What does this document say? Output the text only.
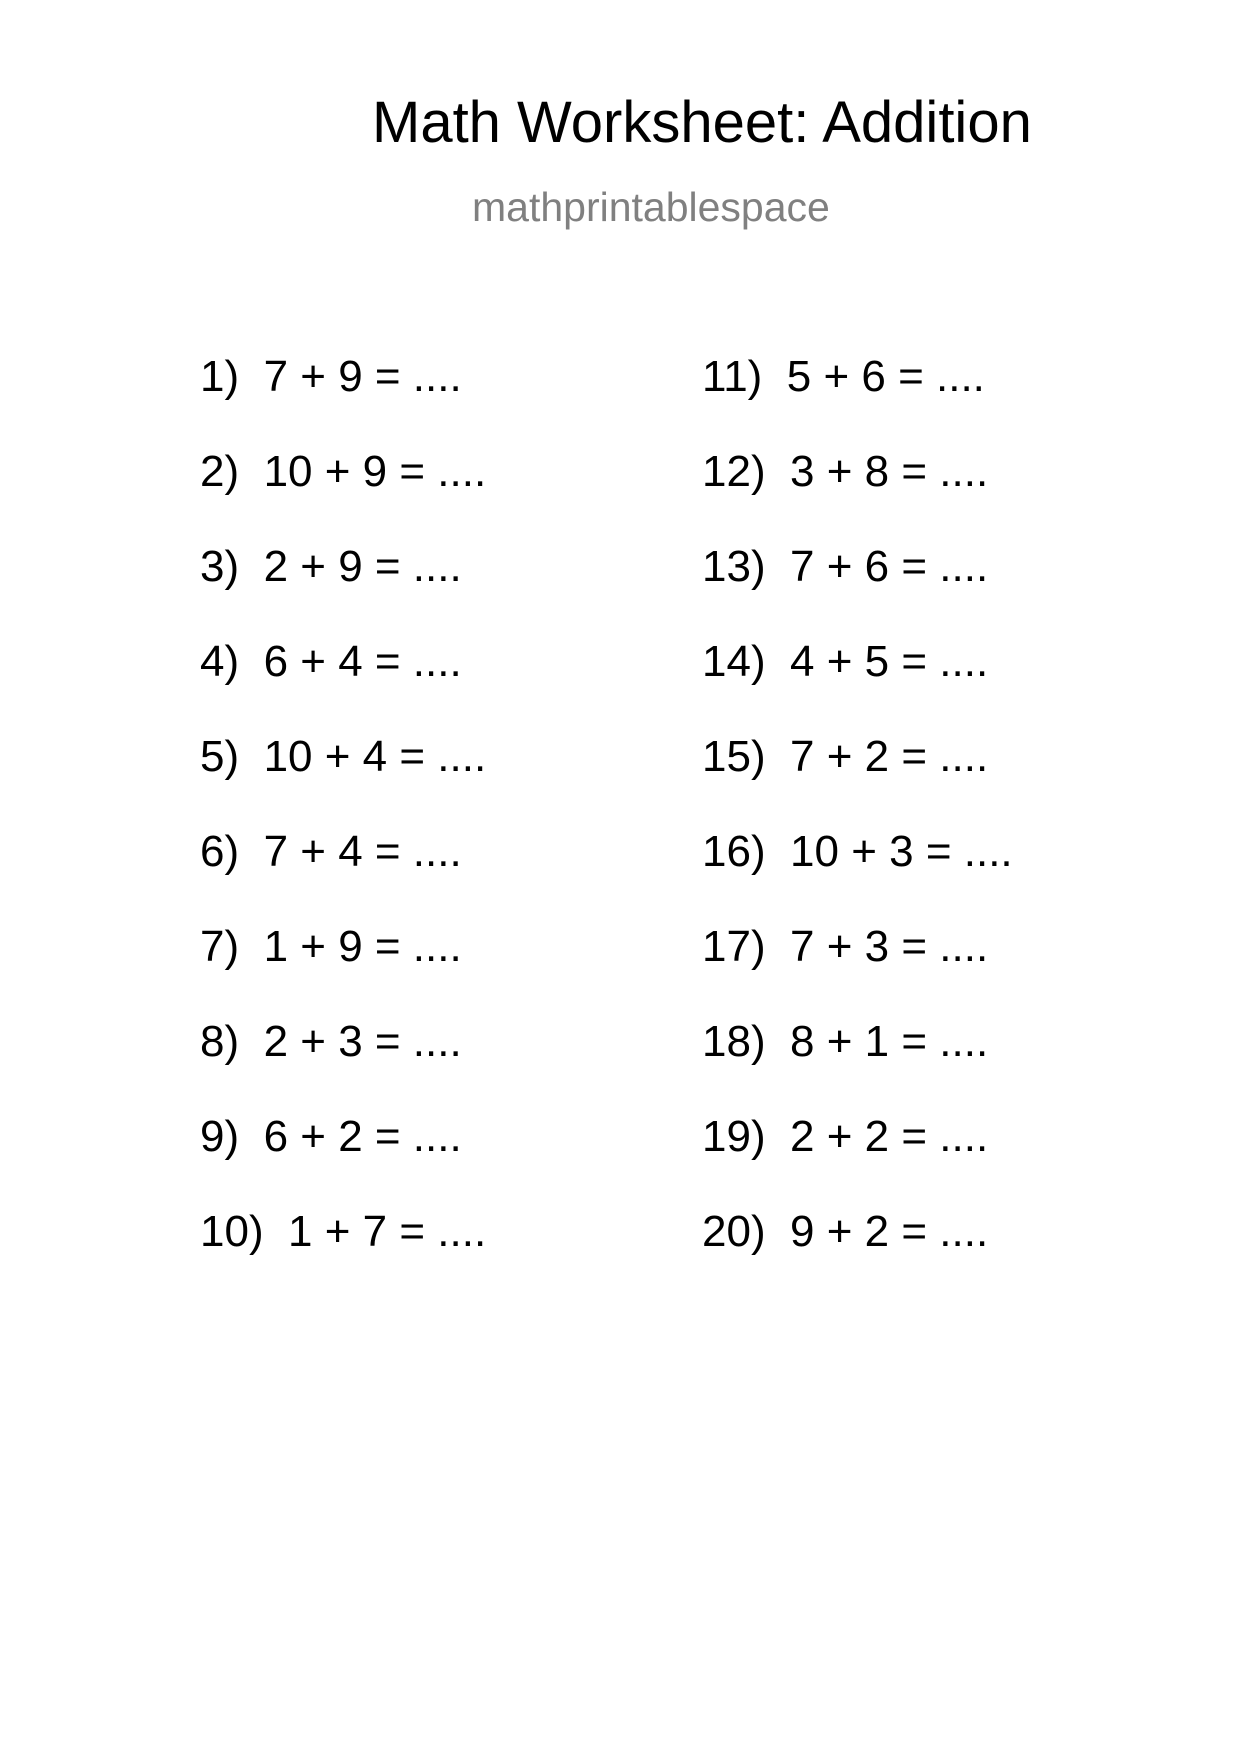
Math Worksheet: Addition
mathprintablespace
1) 7 + 9 = ....
2) 10 + 9 = ....
3) 2 + 9 = ....
4) 6 + 4 = ....
5) 10 + 4 = ....
6) 7 + 4 = ....
7) 1 + 9 = ....
8) 2 + 3 = ....
9) 6 + 2 = ....
10) 1 + 7 = ....
11) 5 + 6 = ....
12) 3 + 8 = ....
13) 7 + 6 = ....
14) 4 + 5 = ....
15) 7 + 2 = ....
16) 10 + 3 = ....
17) 7 + 3 = ....
18) 8 + 1 = ....
19) 2 + 2 = ....
20) 9 + 2 = ....
